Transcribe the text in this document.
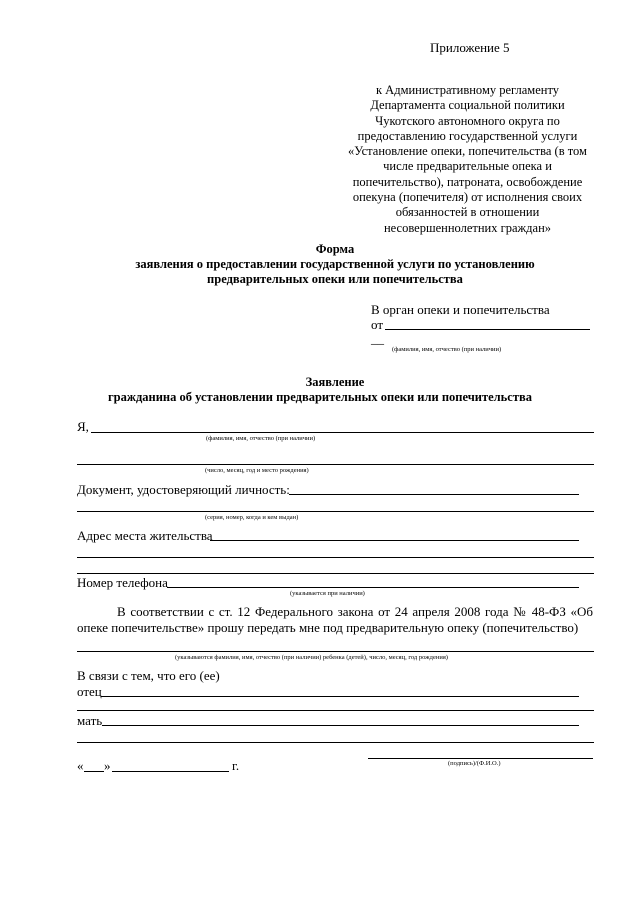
Приложение 5
к Административному регламенту
Департамента социальной политики
Чукотского автономного округа по
предоставлению государственной услуги
«Установление опеки, попечительства (в том
числе предварительные опека и
попечительство), патроната, освобождение
опекуна (попечителя) от исполнения своих
обязанностей в отношении
несовершеннолетних граждан»
Форма
заявления о предоставлении государственной услуги по установлению
предварительных опеки или попечительства
В орган опеки и попечительства
от
__
(фамилия, имя, отчество (при наличии)
Заявление
гражданина об установлении предварительных опеки или попечительства
Я,
(фамилия, имя, отчество (при наличии)
(число, месяц, год и место рождения)
Документ, удостоверяющий личность:
(серия, номер, когда и кем выдан)
Адрес места жительства
Номер телефона
(указывается при наличии)
В соответствии с ст. 12 Федерального закона от 24 апреля 2008 года № 48-ФЗ «Об
опеке попечительстве» прошу передать мне под предварительную опеку (попечительство)
(указываются фамилия, имя, отчество (при наличии) ребенка (детей), число, месяц, год рождения)
В связи с тем, что его (ее)
отец
мать
« »	г.	(подпись)/(Ф.И.О.)
